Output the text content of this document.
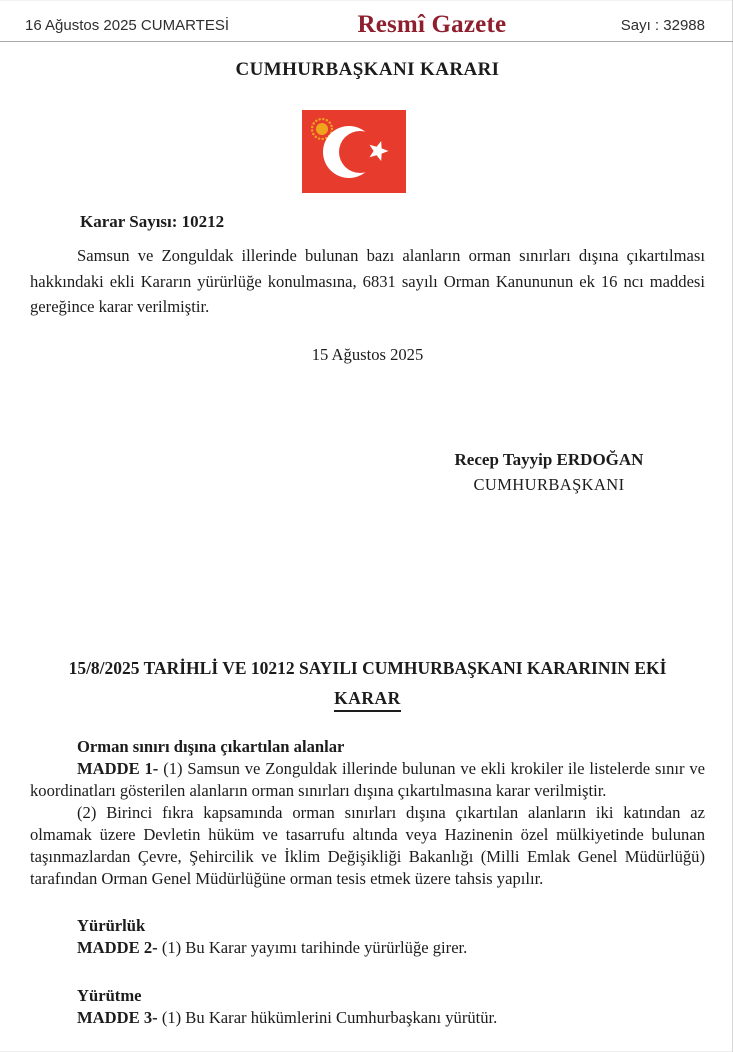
16 Ağustos 2025 CUMARTESİ	Resmî Gazete	Sayı : 32988
CUMHURBAŞKANI KARARI
Karar Sayısı: 10212

Samsun ve Zonguldak illerinde bulunan bazı alanların orman sınırları dışına çıkartılması hakkındaki ekli Kararın yürürlüğe konulmasına, 6831 sayılı Orman Kanununun ek 16 ncı maddesi gereğince karar verilmiştir.

15 Ağustos 2025
Recep Tayyip ERDOĞAN
CUMHURBAŞKANI
15/8/2025 TARİHLİ VE 10212 SAYILI CUMHURBAŞKANI KARARININ EKİ
KARAR
Orman sınırı dışına çıkartılan alanlar

MADDE 1- (1) Samsun ve Zonguldak illerinde bulunan ve ekli krokiler ile listelerde sınır ve koordinatları gösterilen alanların orman sınırları dışına çıkartılmasına karar verilmiştir.

(2) Birinci fıkra kapsamında orman sınırları dışına çıkartılan alanların iki katından az olmamak üzere Devletin hüküm ve tasarrufu altında veya Hazinenin özel mülkiyetinde bulunan taşınmazlardan Çevre, Şehircilik ve İklim Değişikliği Bakanlığı (Milli Emlak Genel Müdürlüğü) tarafından Orman Genel Müdürlüğüne orman tesis etmek üzere tahsis yapılır.

Yürürlük

MADDE 2- (1) Bu Karar yayımı tarihinde yürürlüğe girer.

Yürütme

MADDE 3- (1) Bu Karar hükümlerini Cumhurbaşkanı yürütür.
